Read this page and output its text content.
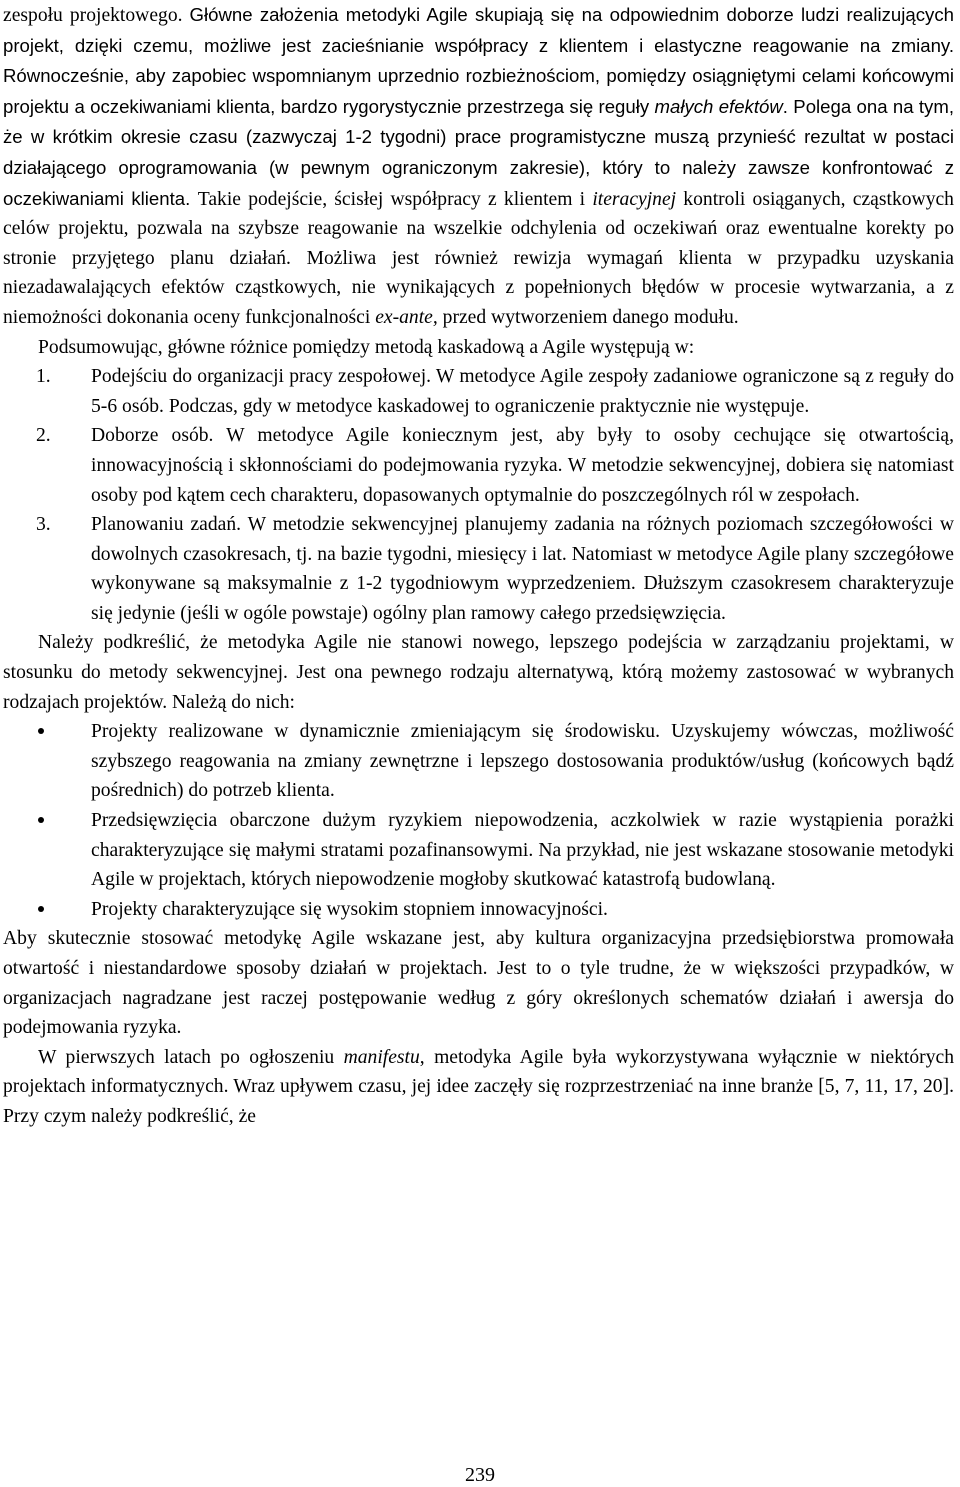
zespołu projektowego. Główne założenia metodyki Agile skupiają się na odpowiednim doborze ludzi realizujących projekt, dzięki czemu, możliwe jest zacieśnianie współpracy z klientem i elastyczne reagowanie na zmiany. Równocześnie, aby zapobiec wspomnianym uprzednio rozbieżnościom, pomiędzy osiągniętymi celami końcowymi projektu a oczekiwaniami klienta, bardzo rygorystycznie przestrzega się reguły małych efektów. Polega ona na tym, że w krótkim okresie czasu (zazwyczaj 1-2 tygodni) prace programistyczne muszą przynieść rezultat w postaci działającego oprogramowania (w pewnym ograniczonym zakresie), który to należy zawsze konfrontować z oczekiwaniami klienta. Takie podejście, ścisłej współpracy z klientem i iteracyjnej kontroli osiąganych, cząstkowych celów projektu, pozwala na szybsze reagowanie na wszelkie odchylenia od oczekiwań oraz ewentualne korekty po stronie przyjętego planu działań. Możliwa jest również rewizja wymagań klienta w przypadku uzyskania niezadawalających efektów cząstkowych, nie wynikających z popełnionych błędów w procesie wytwarzania, a z niemożności dokonania oceny funkcjonalności ex-ante, przed wytworzeniem danego modułu.

Podsumowując, główne różnice pomiędzy metodą kaskadową a Agile występują w:

1.	Podejściu do organizacji pracy zespołowej. W metodyce Agile zespoły zadaniowe ograniczone są z reguły do 5-6 osób. Podczas, gdy w metodyce kaskadowej to ograniczenie praktycznie nie występuje.
2.	Doborze osób. W metodyce Agile koniecznym jest, aby były to osoby cechujące się otwartością, innowacyjnością i skłonnościami do podejmowania ryzyka. W metodzie sekwencyjnej, dobiera się natomiast osoby pod kątem cech charakteru, dopasowanych optymalnie do poszczególnych ról w zespołach.
3.	Planowaniu zadań. W metodzie sekwencyjnej planujemy zadania na różnych poziomach szczegółowości w dowolnych czasokresach, tj. na bazie tygodni, miesięcy i lat. Natomiast w metodyce Agile plany szczegółowe wykonywane są maksymalnie z 1-2 tygodniowym wyprzedzeniem. Dłuższym czasokresem charakteryzuje się jedynie (jeśli w ogóle powstaje) ogólny plan ramowy całego przedsięwzięcia.

Należy podkreślić, że metodyka Agile nie stanowi nowego, lepszego podejścia w zarządzaniu projektami, w stosunku do metody sekwencyjnej. Jest ona pewnego rodzaju alternatywą, którą możemy zastosować w wybranych rodzajach projektów. Należą do nich:

Projekty realizowane w dynamicznie zmieniającym się środowisku. Uzyskujemy wówczas, możliwość szybszego reagowania na zmiany zewnętrzne i lepszego dostosowania produktów/usług (końcowych bądź pośrednich) do potrzeb klienta.
Przedsięwzięcia obarczone dużym ryzykiem niepowodzenia, aczkolwiek w razie wystąpienia porażki charakteryzujące się małymi stratami pozafinansowymi. Na przykład, nie jest wskazane stosowanie metodyki Agile w projektach, których niepowodzenie mogłoby skutkować katastrofą budowlaną.
Projekty charakteryzujące się wysokim stopniem innowacyjności.

Aby skutecznie stosować metodykę Agile wskazane jest, aby kultura organizacyjna przedsiębiorstwa promowała otwartość i niestandardowe sposoby działań w projektach. Jest to o tyle trudne, że w większości przypadków, w organizacjach nagradzane jest raczej postępowanie według z góry określonych schematów działań i awersja do podejmowania ryzyka.

W pierwszych latach po ogłoszeniu manifestu, metodyka Agile była wykorzystywana wyłącznie w niektórych projektach informatycznych. Wraz upływem czasu, jej idee zaczęły się rozprzestrzeniać na inne branże [5, 7, 11, 17, 20]. Przy czym należy podkreślić, że

239
